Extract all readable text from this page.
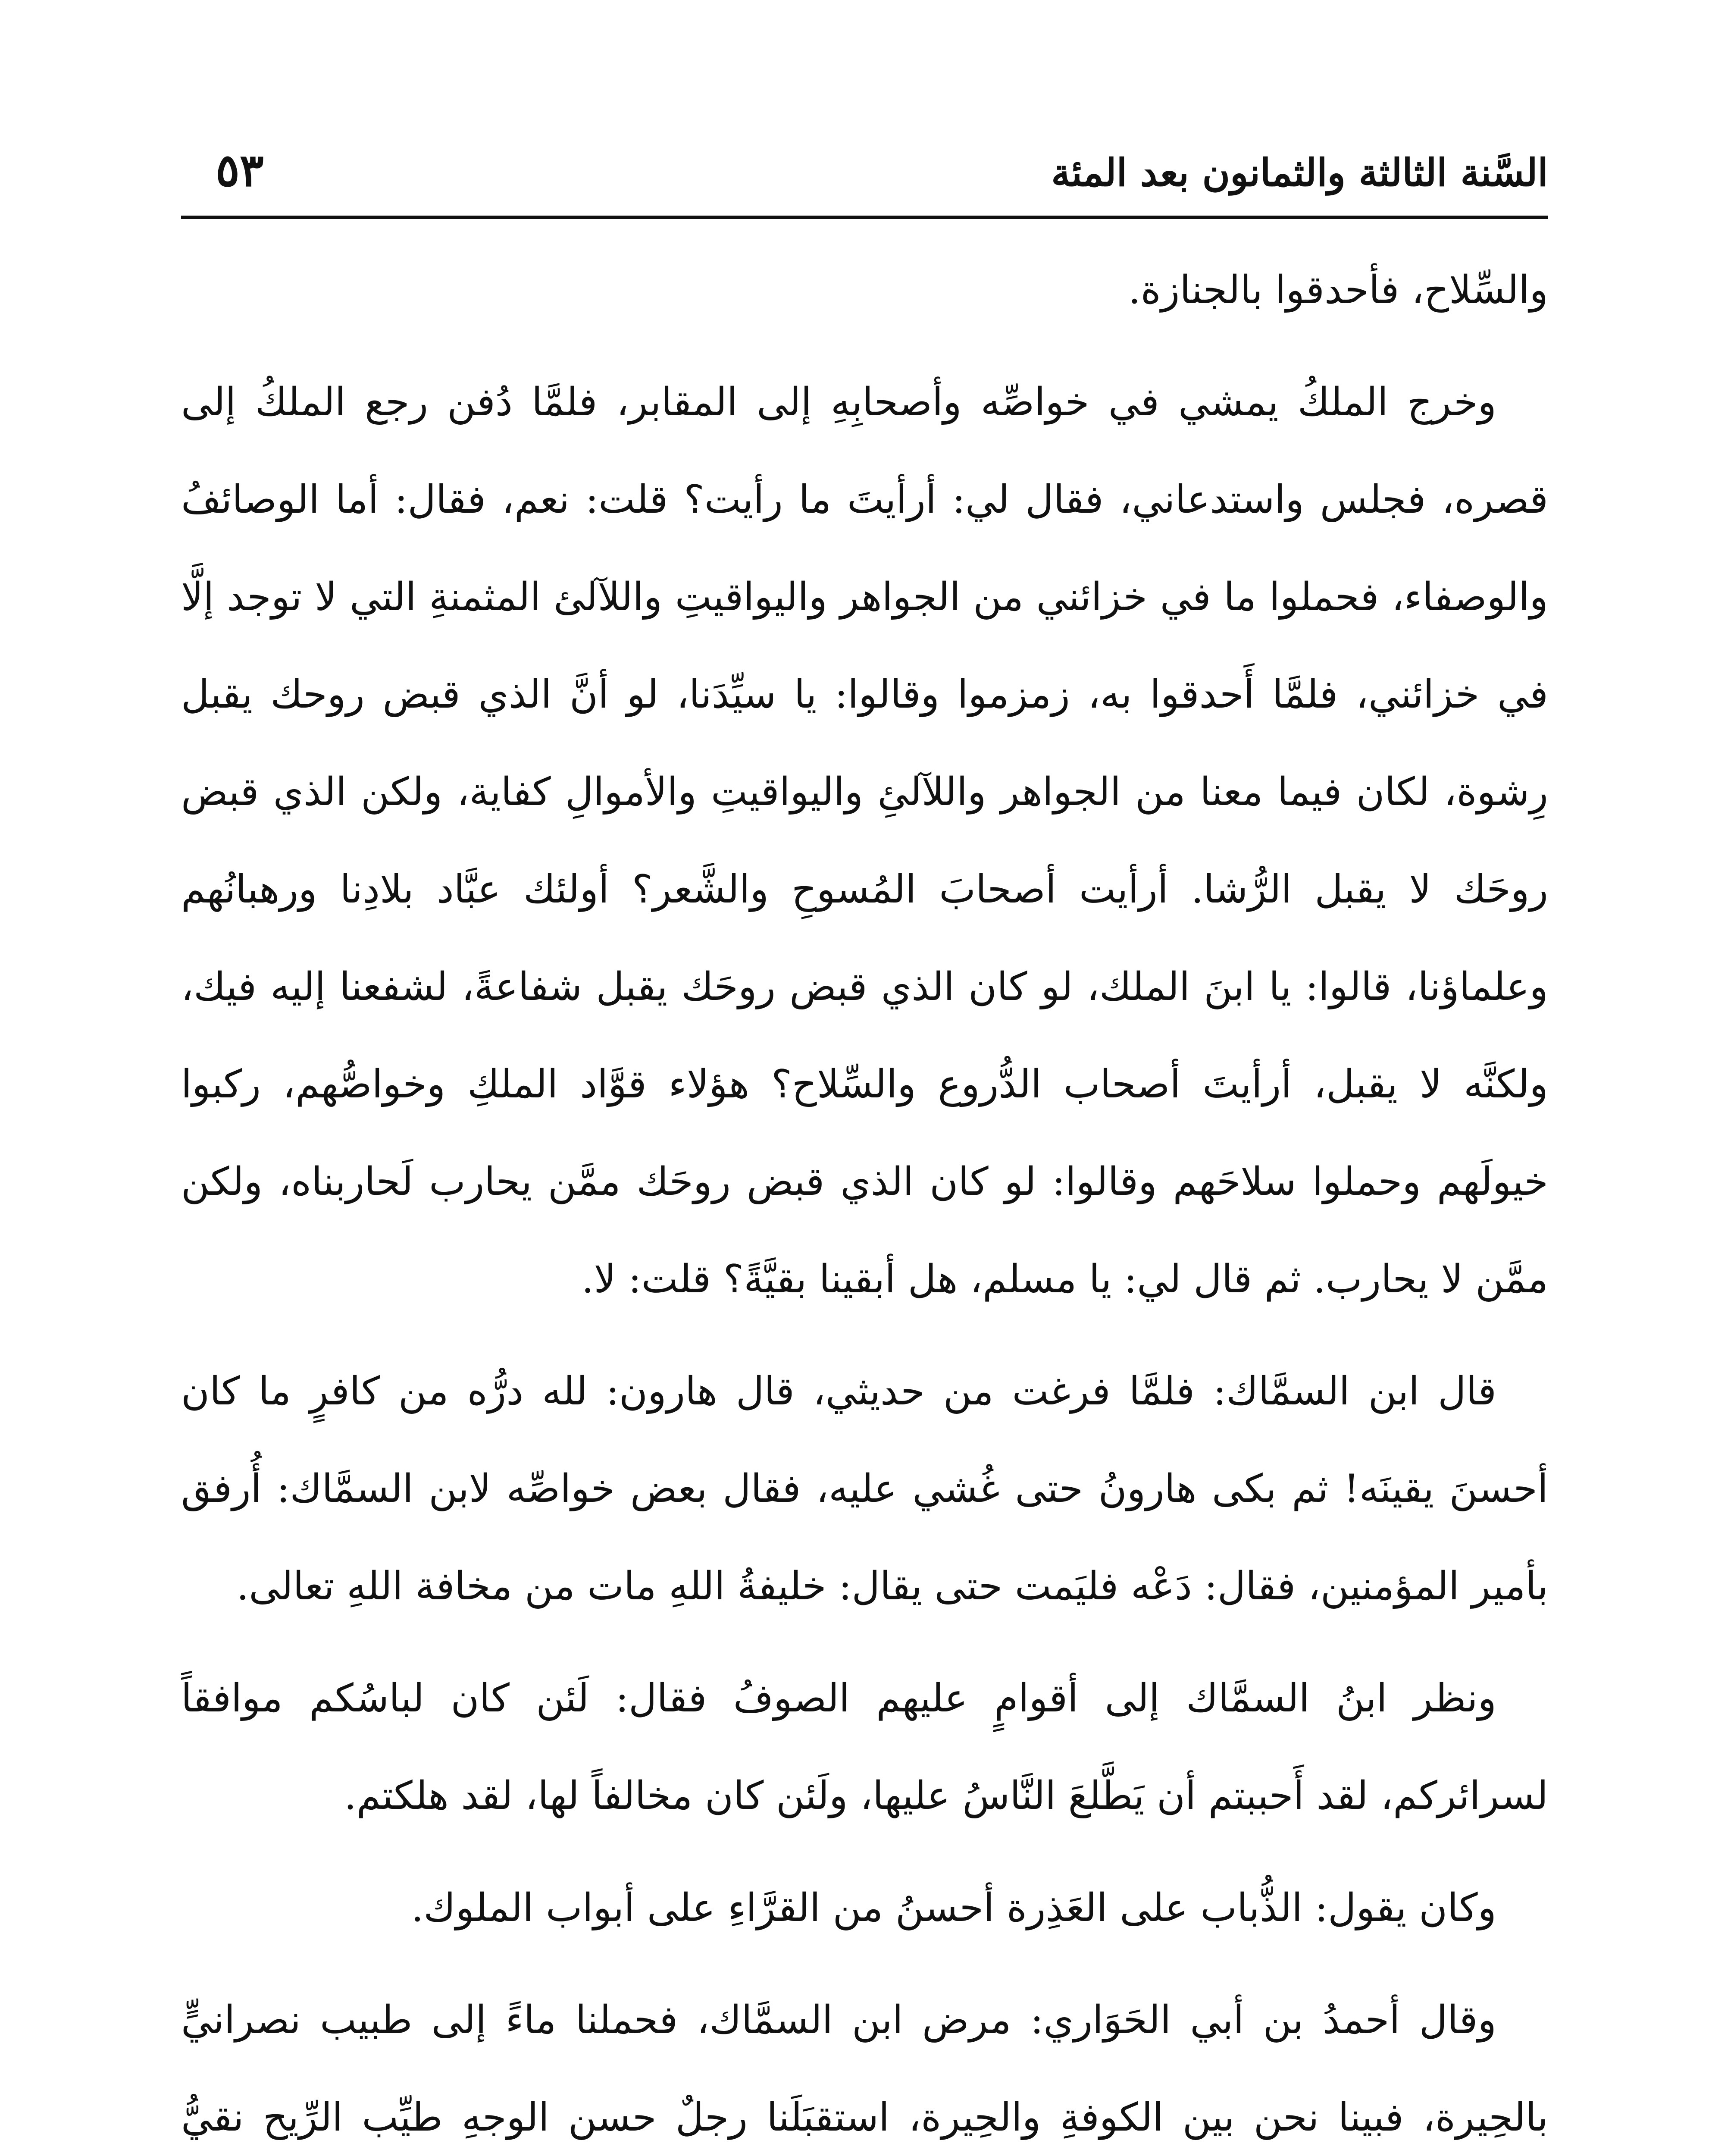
السَّنة الثالثة والثمانون بعد المئة
٥٣

والسِّلاح، فأحدقوا بالجنازة.

وخرج الملكُ يمشي في خواصِّه وأصحابِهِ إلى المقابر، فلمَّا دُفن رجع الملكُ إلى قصره، فجلس واستدعاني، فقال لي: أرأيتَ ما رأيت؟ قلت: نعم، فقال: أما الوصائفُ والوصفاء، فحملوا ما في خزائني من الجواهر واليواقيتِ واللآلئ المثمنةِ التي لا توجد إلَّا في خزائني، فلمَّا أَحدقوا به، زمزموا وقالوا: يا سيِّدَنا، لو أنَّ الذي قبض روحك يقبل رِشوة، لكان فيما معنا من الجواهر واللآلئِ واليواقيتِ والأموالِ كفاية، ولكن الذي قبض روحَك لا يقبل الرُّشا. أرأيت أصحابَ المُسوحِ والشَّعر؟ أولئك عبَّاد بلادِنا ورهبانُهم وعلماؤنا، قالوا: يا ابنَ الملك، لو كان الذي قبض روحَك يقبل شفاعةً، لشفعنا إليه فيك، ولكنَّه لا يقبل، أرأيتَ أصحاب الدُّروع والسِّلاح؟ هؤلاء قوَّاد الملكِ وخواصُّهم، ركبوا خيولَهم وحملوا سلاحَهم وقالوا: لو كان الذي قبض روحَك ممَّن يحارب لَحاربناه، ولكن ممَّن لا يحارب. ثم قال لي: يا مسلم، هل أبقينا بقيَّةً؟ قلت: لا.

قال ابن السمَّاك: فلمَّا فرغت من حديثي، قال هارون: لله درُّه من كافرٍ ما كان أحسنَ يقينَه! ثم بكى هارونُ حتى غُشي عليه، فقال بعض خواصِّه لابن السمَّاك: أُرفق بأمير المؤمنين، فقال: دَعْه فليَمت حتى يقال: خليفةُ اللهِ مات من مخافة اللهِ تعالى.

ونظر ابنُ السمَّاك إلى أقوامٍ عليهم الصوفُ فقال: لَئن كان لباسُكم موافقاً لسرائركم، لقد أَحببتم أن يَطَّلعَ النَّاسُ عليها، ولَئن كان مخالفاً لها، لقد هلكتم.

وكان يقول: الذُّباب على العَذِرة أحسنُ من القرَّاءِ على أبواب الملوك.

وقال أحمدُ بن أبي الحَوَاري: مرض ابن السمَّاك، فحملنا ماءً إلى طبيب نصرانيٍّ بالحِيرة، فبينا نحن بين الكوفةِ والحِيرة، استقبَلَنا رجلٌ حسن الوجهِ طيِّب الرِّيح نقيُّ
